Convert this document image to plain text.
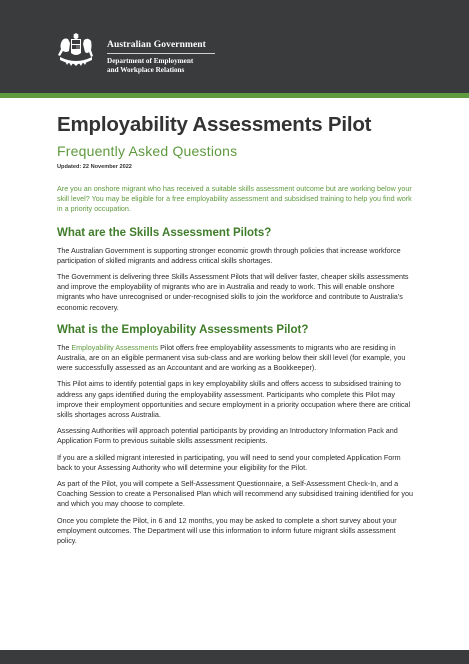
Australian Government
Department of Employment
and Workplace Relations
Employability Assessments Pilot
Frequently Asked Questions
Updated: 22 November 2022

Are you an onshore migrant who has received a suitable skills assessment outcome but are working below your skill level? You may be eligible for a free employability assessment and subsidised training to help you find work in a priority occupation.

What are the Skills Assessment Pilots?

The Australian Government is supporting stronger economic growth through policies that increase workforce participation of skilled migrants and address critical skills shortages.

The Government is delivering three Skills Assessment Pilots that will deliver faster, cheaper skills assessments and improve the employability of migrants who are in Australia and ready to work. This will enable onshore migrants who have unrecognised or under-recognised skills to join the workforce and contribute to Australia’s economic recovery.

What is the Employability Assessments Pilot?

The Employability Assessments Pilot offers free employability assessments to migrants who are residing in Australia, are on an eligible permanent visa sub-class and are working below their skill level (for example, you were successfully assessed as an Accountant and are working as a Bookkeeper).

This Pilot aims to identify potential gaps in key employability skills and offers access to subsidised training to address any gaps identified during the employability assessment. Participants who complete this Pilot may improve their employment opportunities and secure employment in a priority occupation where there are critical skills shortages across Australia.

Assessing Authorities will approach potential participants by providing an Introductory Information Pack and Application Form to previous suitable skills assessment recipients.

If you are a skilled migrant interested in participating, you will need to send your completed Application Form back to your Assessing Authority who will determine your eligibility for the Pilot.

As part of the Pilot, you will compete a Self-Assessment Questionnaire, a Self-Assessment Check-In, and a Coaching Session to create a Personalised Plan which will recommend any subsidised training identified for you and which you may choose to complete.

Once you complete the Pilot, in 6 and 12 months, you may be asked to complete a short survey about your employment outcomes. The Department will use this information to inform future migrant skills assessment policy.
